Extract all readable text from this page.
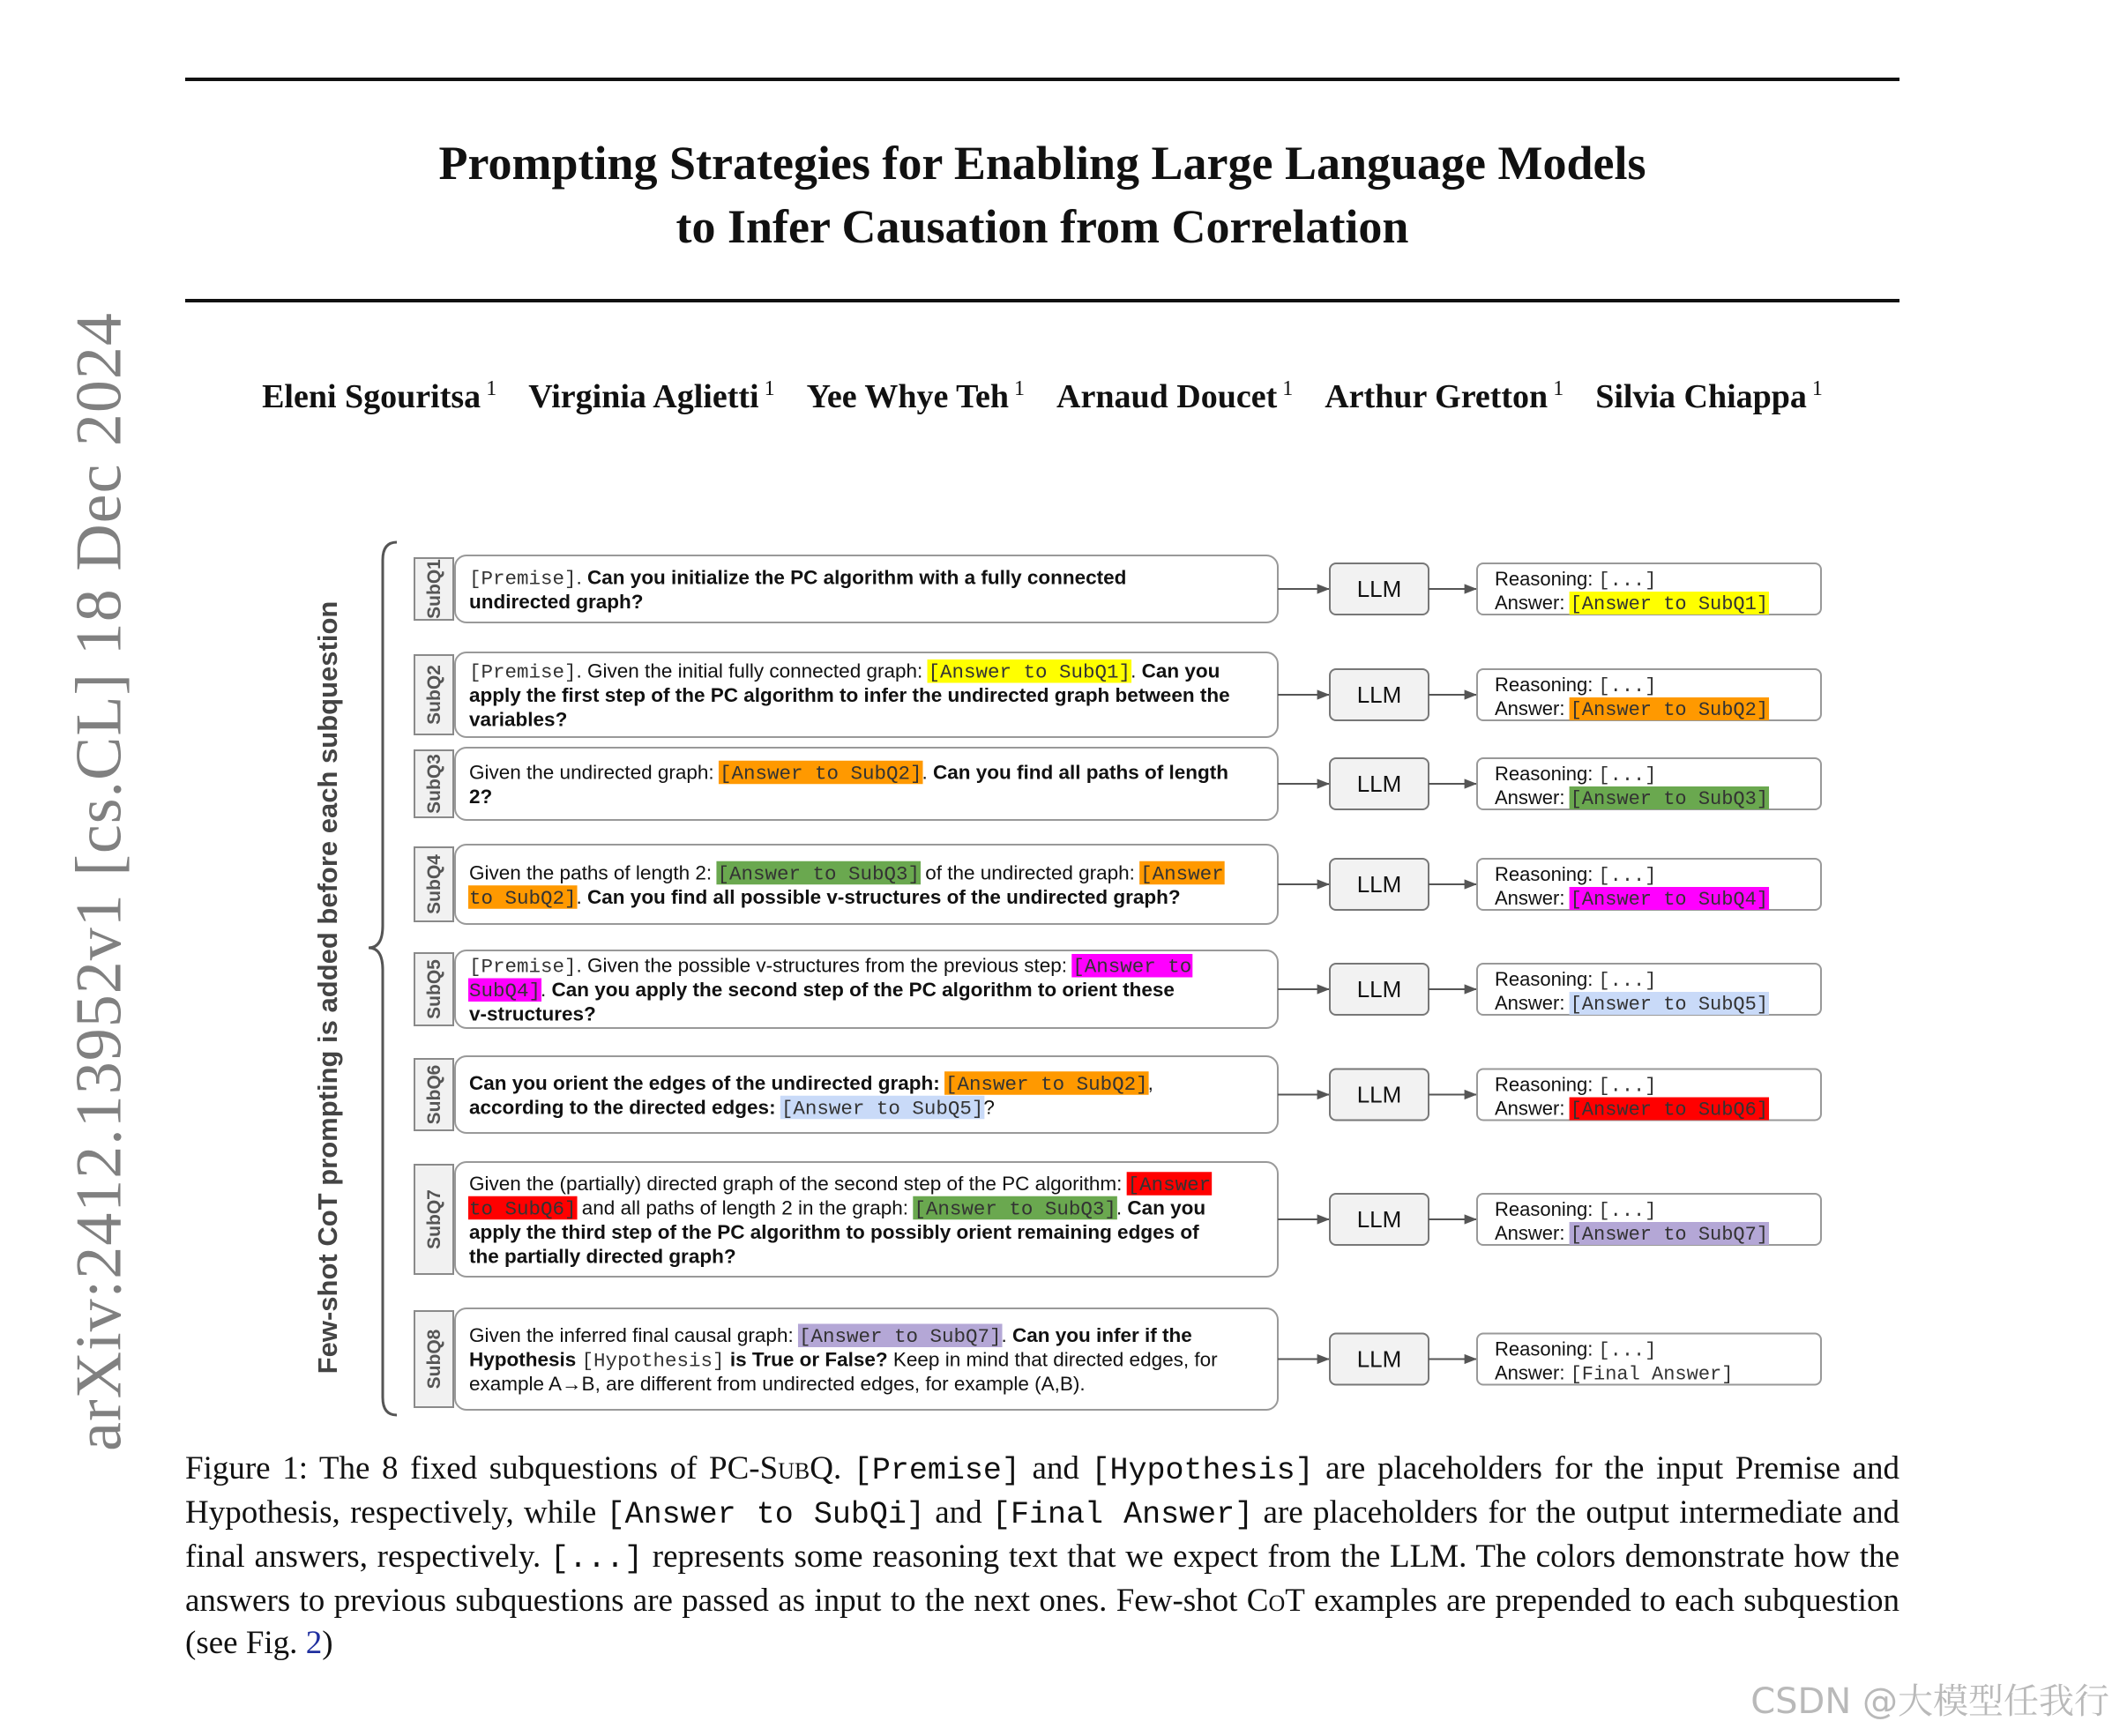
arXiv:2412.13952v1 [cs.CL] 18 Dec 2024
Prompting Strategies for Enabling Large Language Models
to Infer Causation from Correlation
Eleni Sgouritsa $^1$ Virginia Aglietti $^1$ Yee Whye Teh $^1$ Arnaud Doucet $^1$ Arthur Gretton $^1$ Silvia Chiappa $^1$
Few-shot CoT prompting is added before each subquestion
SubQ1 [Premise]. Can you initialize the PC algorithm with a fully connected
undirected graph?	LLM	Reasoning: [...]
Answer: [Answer to SubQ1]
SubQ2 [Premise]. Given the initial fully connected graph: [Answer to SubQ1]. Can you
apply the first step of the PC algorithm to infer the undirected graph between the
variables?
LLM	Reasoning: [...]
Answer: [Answer to SubQ2]
SubQ3 Given the undirected graph: [Answer to SubQ2]. Can you find all paths of length
2?	LLM	Reasoning: [...]
Answer: [Answer to SubQ3]
SubQ4 Given the paths of length 2: [Answer to SubQ3] of the undirected graph: [Answer
to SubQ2]. Can you find all possible v-structures of the undirected graph?	LLM	Reasoning: [...]
Answer: [Answer to SubQ4]
SubQ5 [Premise]. Given the possible v-structures from the previous step: [Answer to
SubQ4]. Can you apply the second step of the PC algorithm to orient these
v-structures?
LLM	Reasoning: [...]
Answer: [Answer to SubQ5]
SubQ6 Can you orient the edges of the undirected graph: [Answer to SubQ2],
according to the directed edges: [Answer to SubQ5]?	LLM	Reasoning: [...]
Answer: [Answer to SubQ6]
SubQ7
Given the (partially) directed graph of the second step of the PC algorithm: [Answer
to SubQ6] and all paths of length 2 in the graph: [Answer to SubQ3]. Can you
apply the third step of the PC algorithm to possibly orient remaining edges of
the partially directed graph?
LLM	Reasoning: [...]
Answer: [Answer to SubQ7]
SubQ8 Given the inferred final causal graph: [Answer to SubQ7]. Can you infer if the
Hypothesis [Hypothesis] is True or False? Keep in mind that directed edges, for
example A→B, are different from undirected edges, for example (A,B).
LLM	Reasoning: [...]
Answer: [Final Answer]
Figure 1: The 8 fixed subquestions of PC-SubQ. [Premise] and [Hypothesis] are placeholders for the input Premise and Hypothesis, respectively, while [Answer to SubQi] and [Final Answer] are placeholders for the output intermediate and final answers, respectively. [...] represents some reasoning text that we expect from the LLM. The colors demonstrate how the answers to previous subquestions are passed as input to the next ones. Few-shot CoT examples are prepended to each subquestion (see Fig. 2)
CSDN @大模型任我行
